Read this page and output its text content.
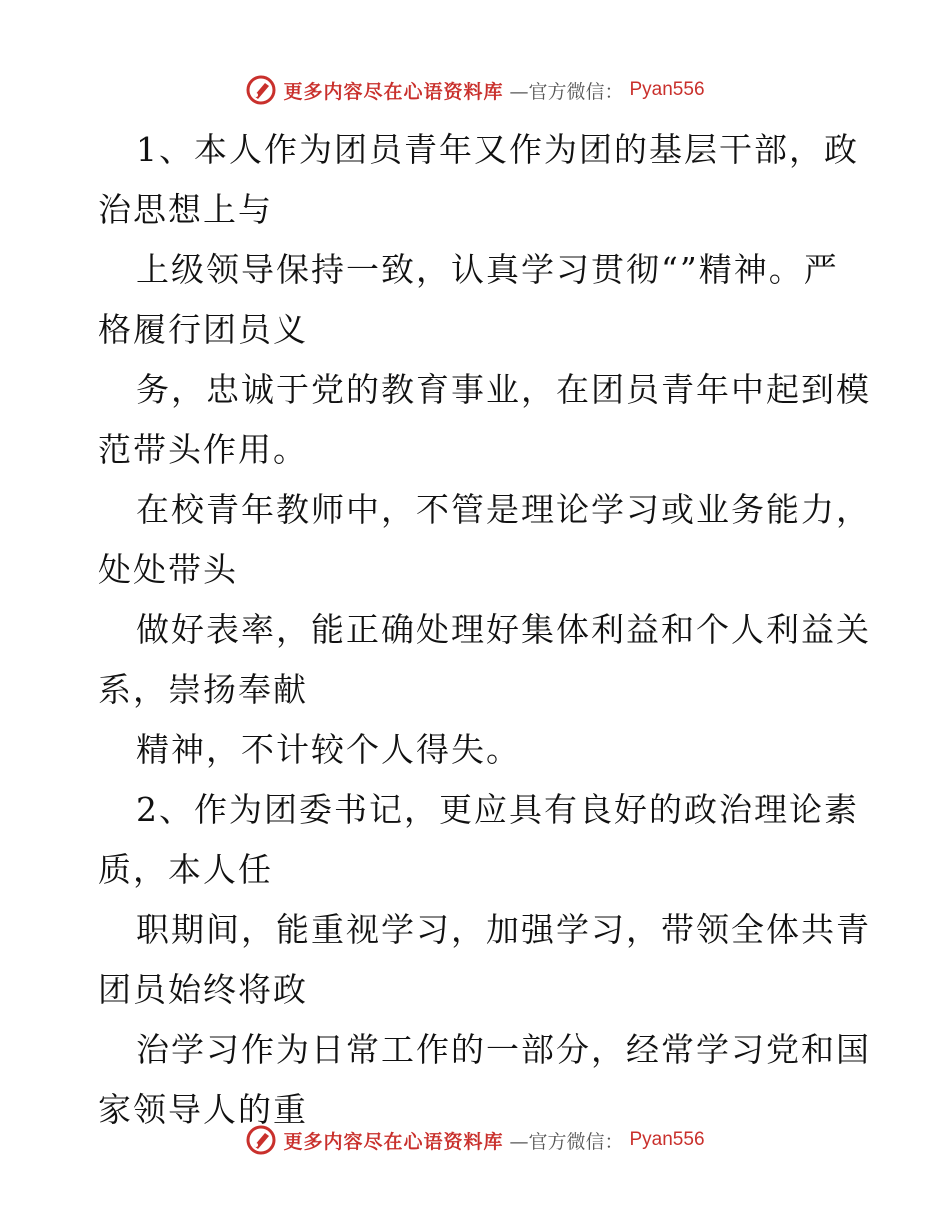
更多内容尽在心语资料库 —官方微信： Pyan556
1、本人作为团员青年又作为团的基层干部，政
治思想上与
上级领导保持一致，认真学习贯彻“”精神。严
格履行团员义
务，忠诚于党的教育事业，在团员青年中起到模
范带头作用。
在校青年教师中，不管是理论学习或业务能力，
处处带头
做好表率，能正确处理好集体利益和个人利益关
系，崇扬奉献
精神，不计较个人得失。
2、作为团委书记，更应具有良好的政治理论素
质，本人任
职期间，能重视学习，加强学习，带领全体共青
团员始终将政
治学习作为日常工作的一部分，经常学习党和国
家领导人的重
更多内容尽在心语资料库 —官方微信： Pyan556
